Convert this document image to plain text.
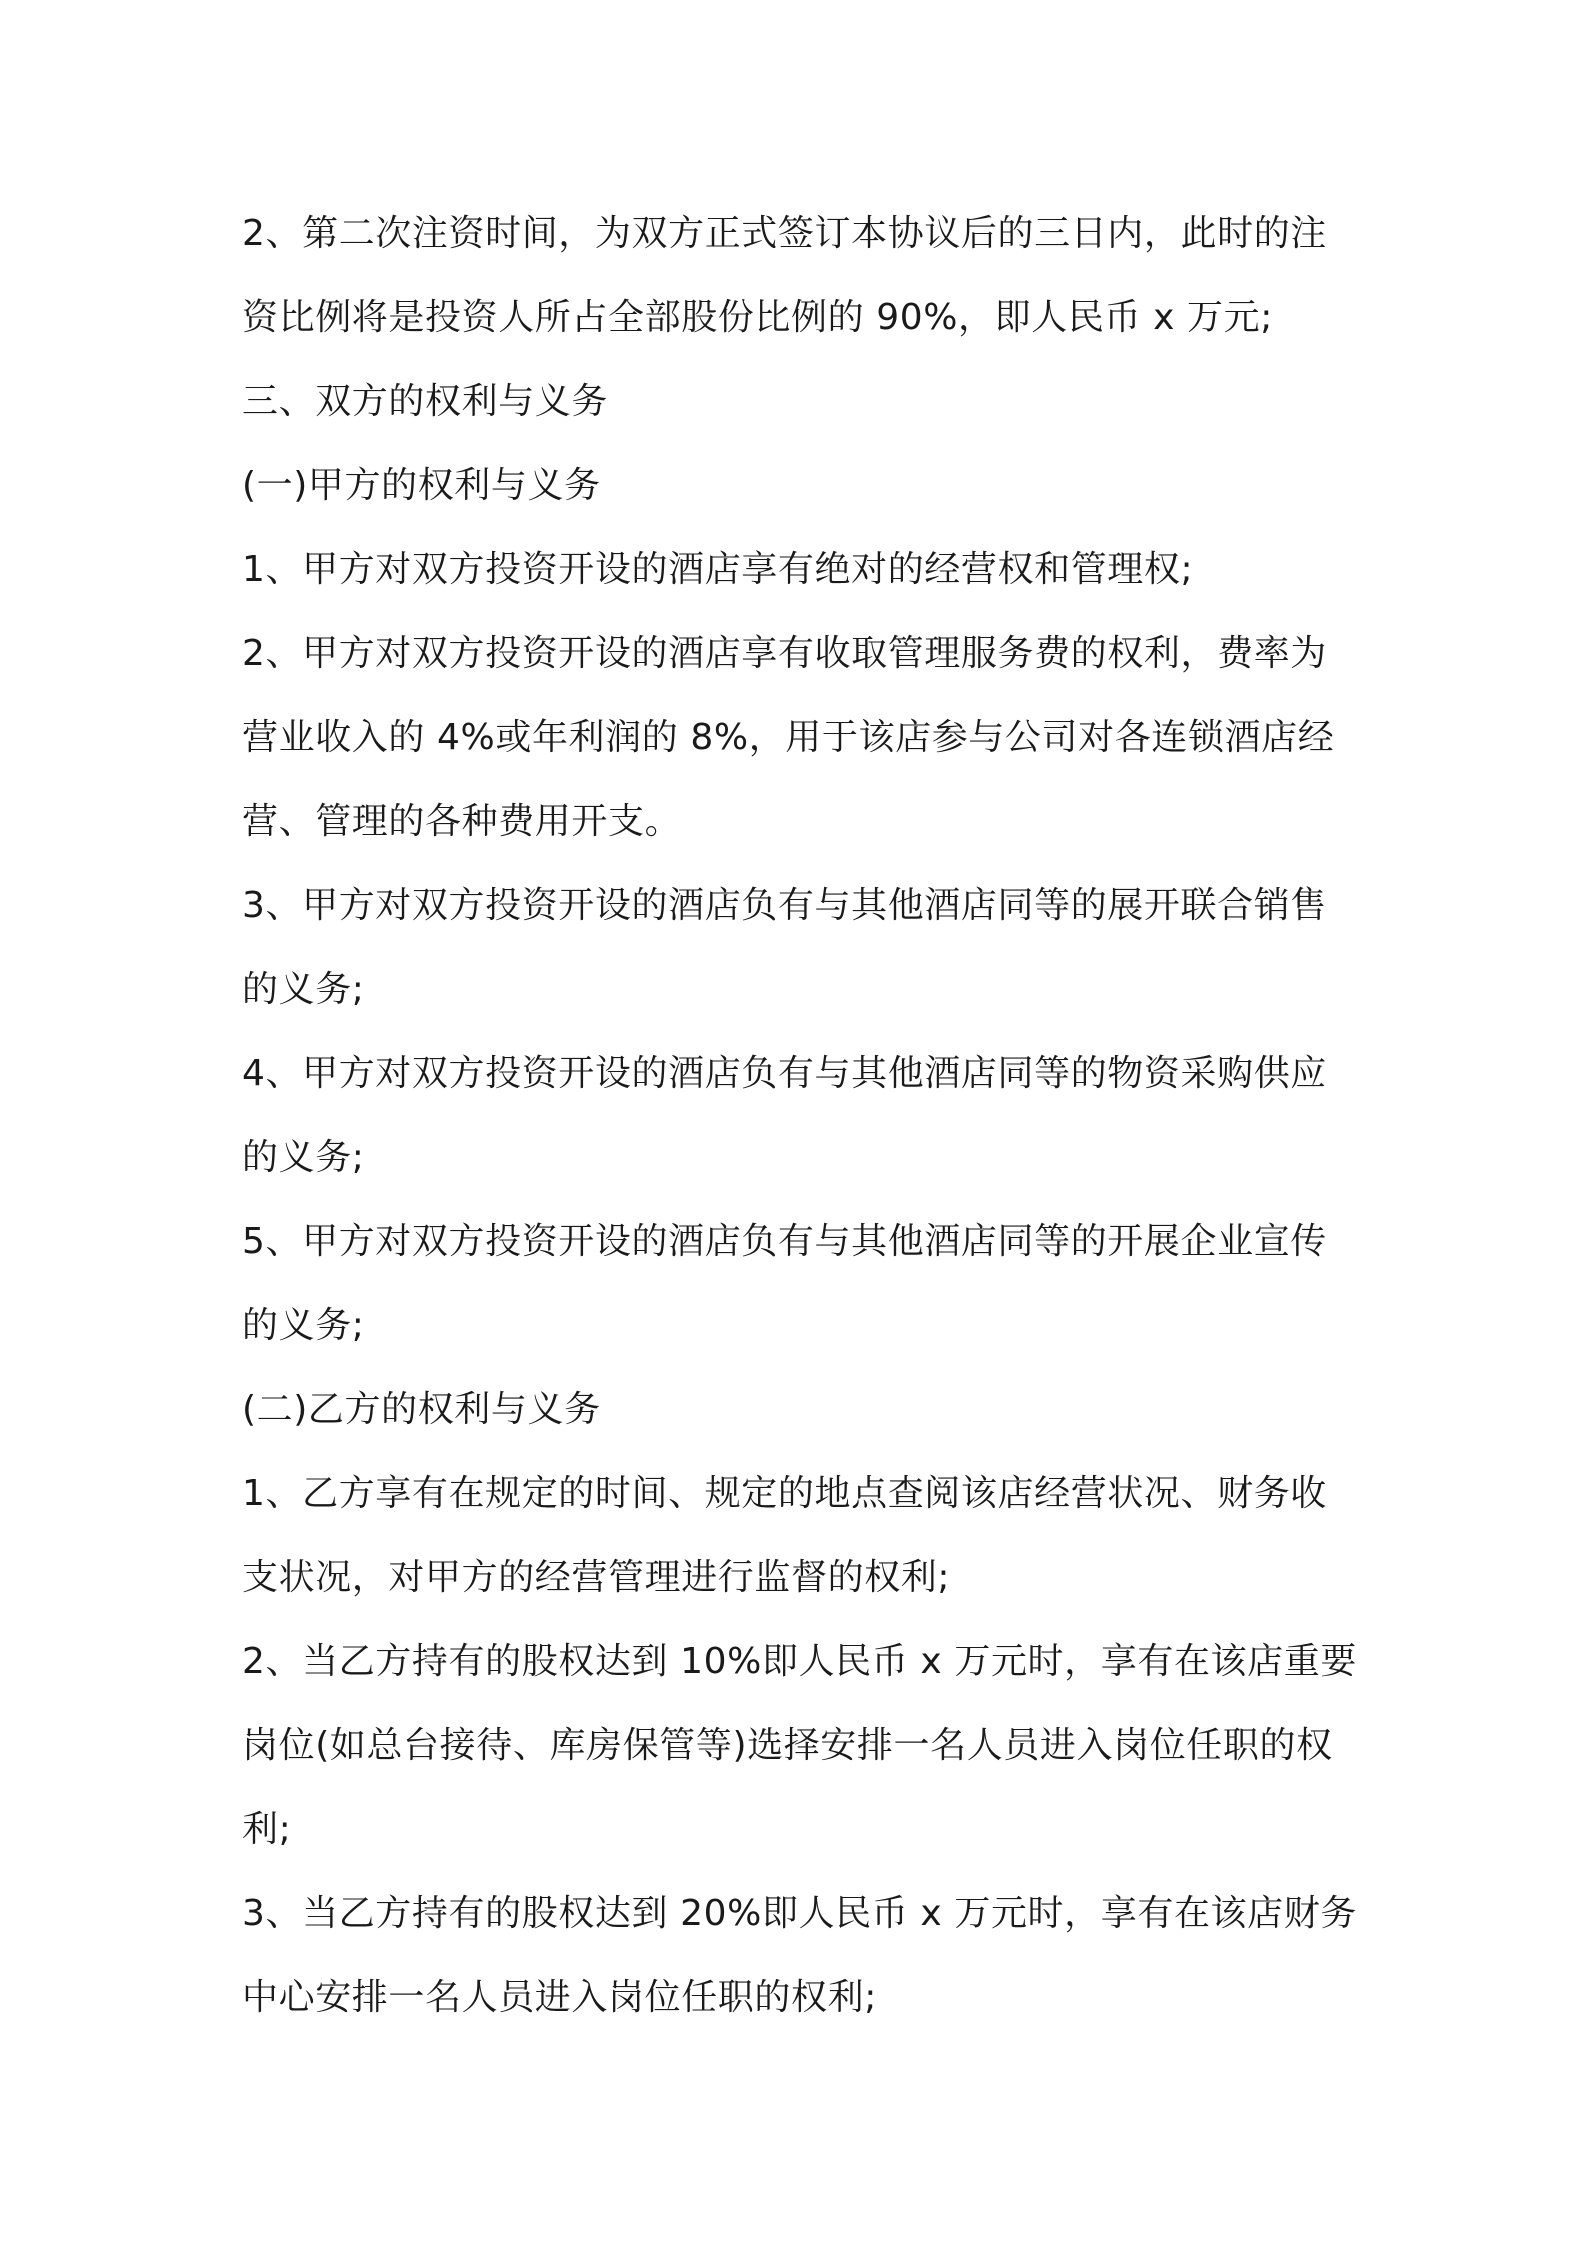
2、第二次注资时间，为双方正式签订本协议后的三日内，此时的注
资比例将是投资人所占全部股份比例的 90%，即人民币 x 万元;
三、双方的权利与义务
(一)甲方的权利与义务
1、甲方对双方投资开设的酒店享有绝对的经营权和管理权;
2、甲方对双方投资开设的酒店享有收取管理服务费的权利，费率为
营业收入的 4%或年利润的 8%，用于该店参与公司对各连锁酒店经
营、管理的各种费用开支。
3、甲方对双方投资开设的酒店负有与其他酒店同等的展开联合销售
的义务;
4、甲方对双方投资开设的酒店负有与其他酒店同等的物资采购供应
的义务;
5、甲方对双方投资开设的酒店负有与其他酒店同等的开展企业宣传
的义务;
(二)乙方的权利与义务
1、乙方享有在规定的时间、规定的地点查阅该店经营状况、财务收
支状况，对甲方的经营管理进行监督的权利;
2、当乙方持有的股权达到 10%即人民币 x 万元时，享有在该店重要
岗位(如总台接待、库房保管等)选择安排一名人员进入岗位任职的权
利;
3、当乙方持有的股权达到 20%即人民币 x 万元时，享有在该店财务
中心安排一名人员进入岗位任职的权利;
